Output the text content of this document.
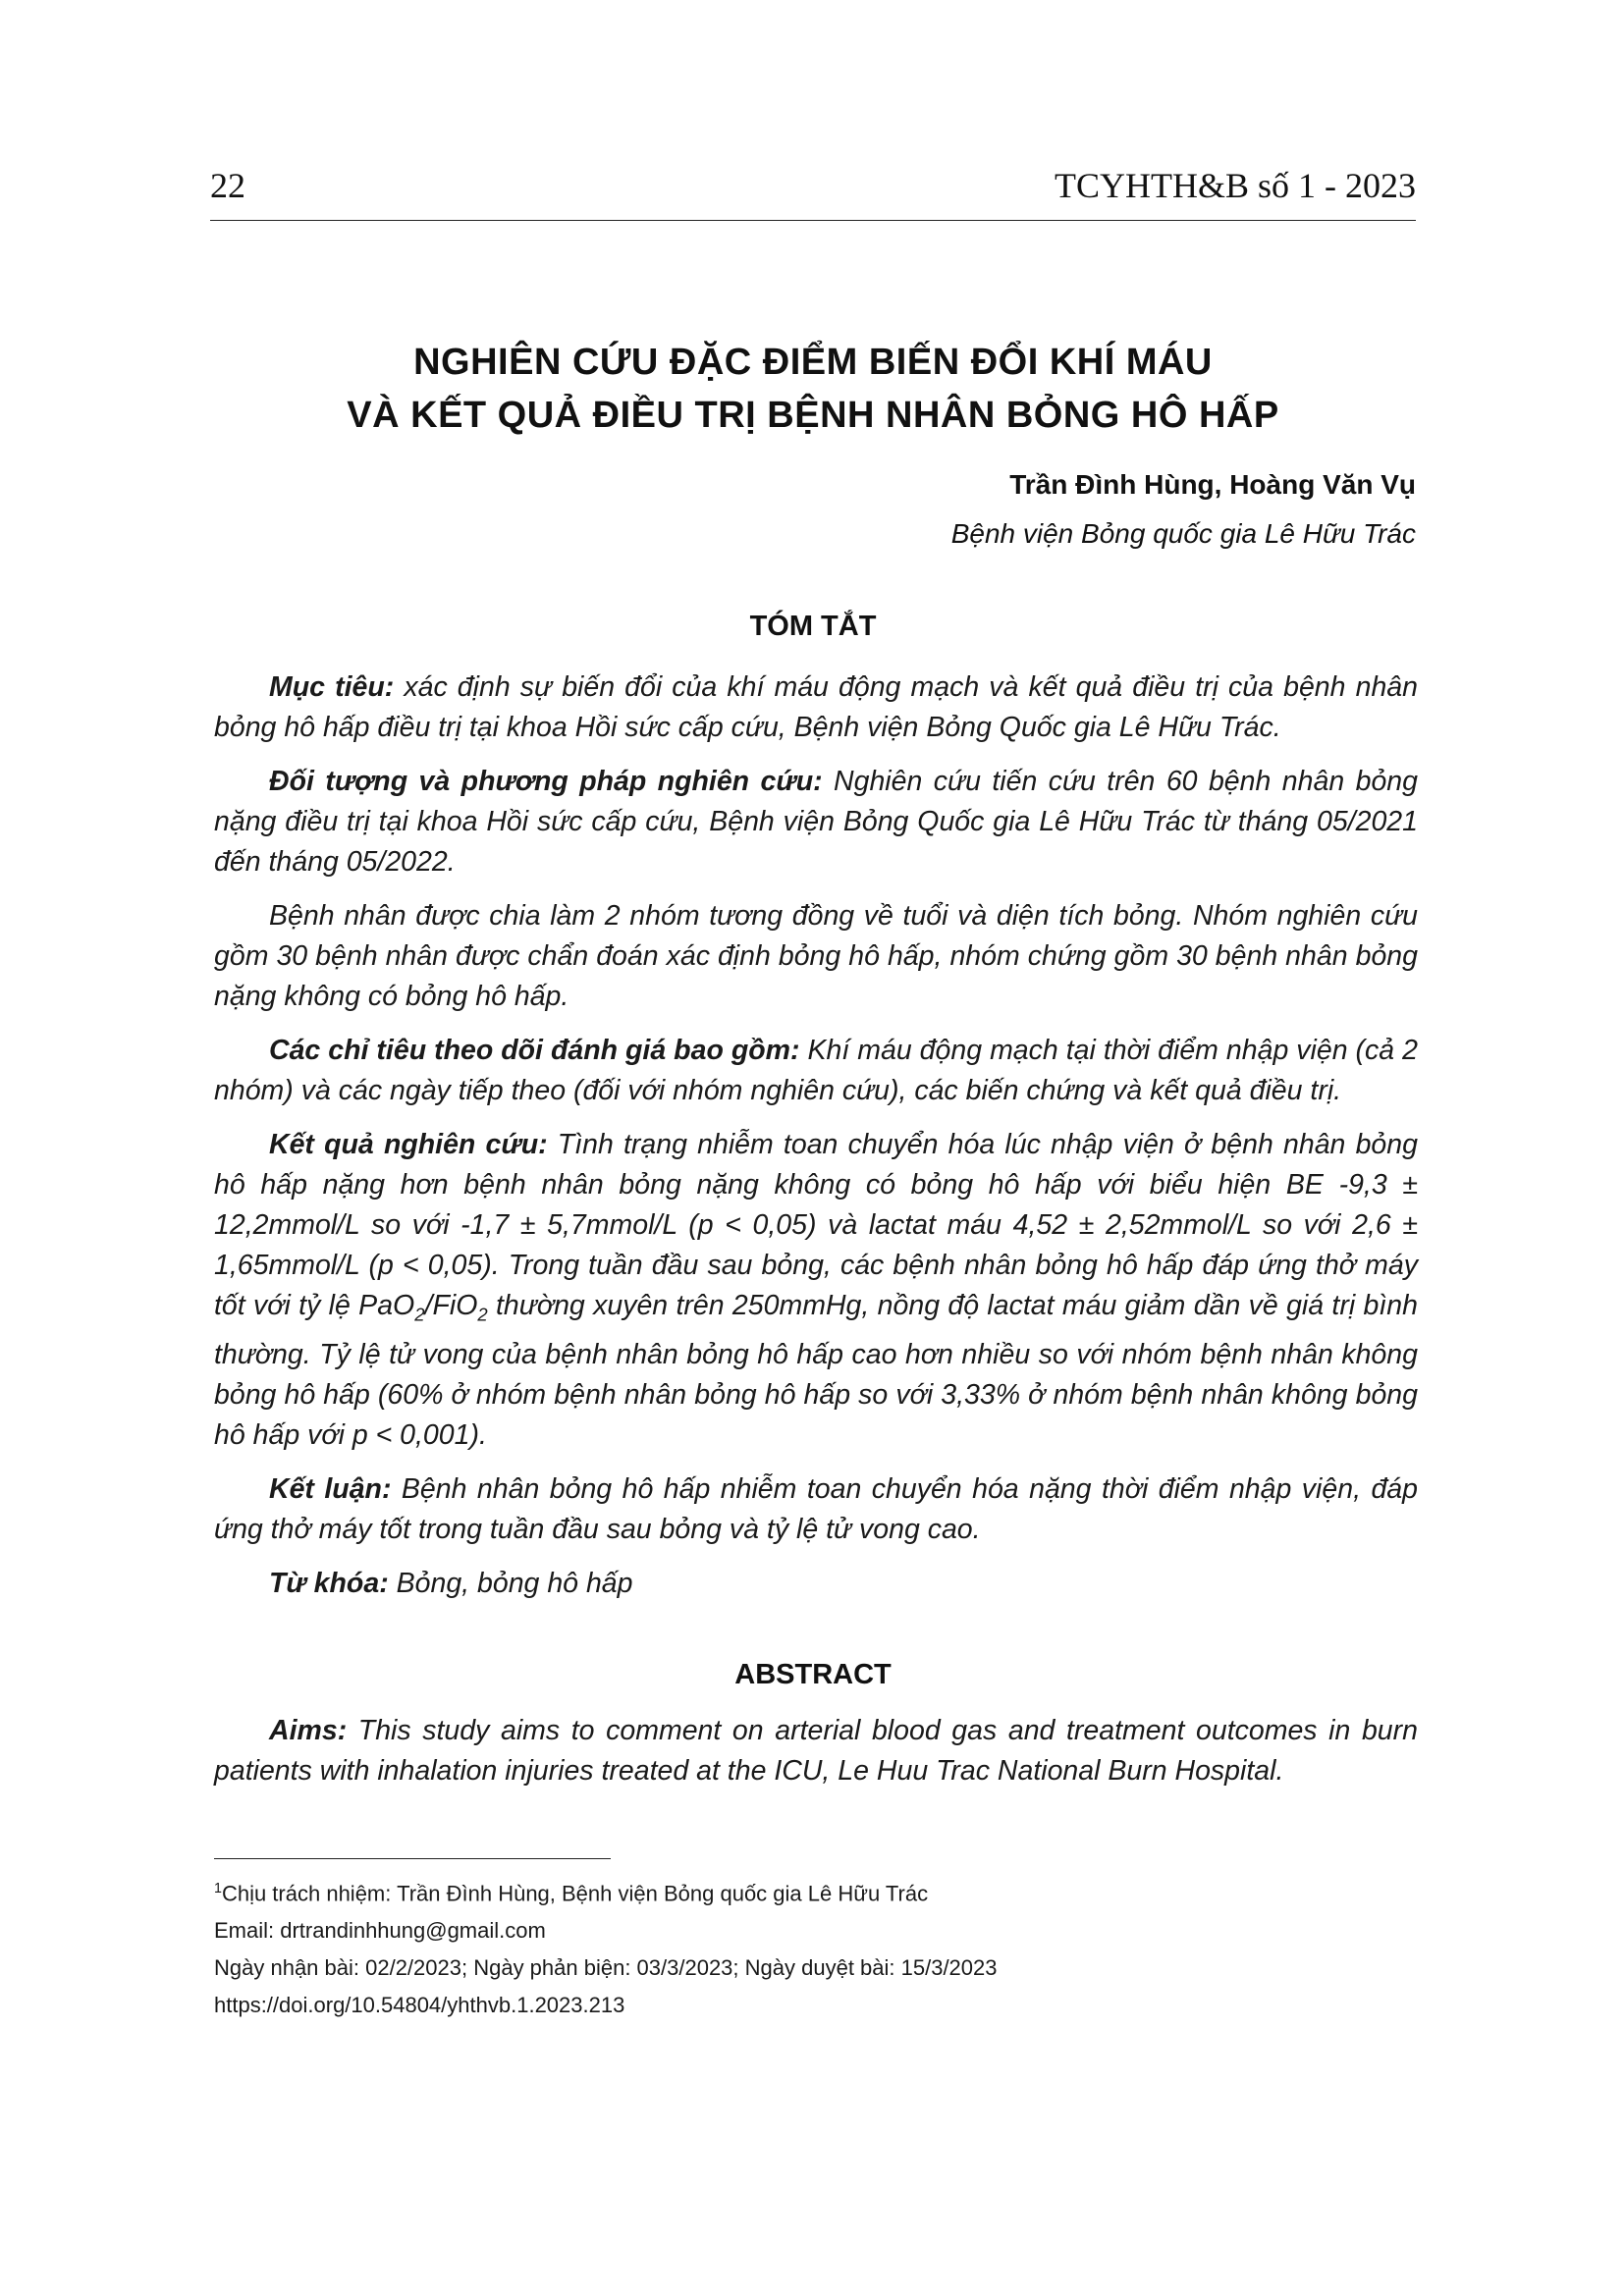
22	TCYHTH&B số 1 - 2023
NGHIÊN CỨU ĐẶC ĐIỂM BIẾN ĐỔI KHÍ MÁU
VÀ KẾT QUẢ ĐIỀU TRỊ BỆNH NHÂN BỎNG HÔ HẤP
Trần Đình Hùng, Hoàng Văn Vụ
Bệnh viện Bỏng quốc gia Lê Hữu Trác
TÓM TẮT

Mục tiêu: xác định sự biến đổi của khí máu động mạch và kết quả điều trị của bệnh nhân bỏng hô hấp điều trị tại khoa Hồi sức cấp cứu, Bệnh viện Bỏng Quốc gia Lê Hữu Trác.

Đối tượng và phương pháp nghiên cứu: Nghiên cứu tiến cứu trên 60 bệnh nhân bỏng nặng điều trị tại khoa Hồi sức cấp cứu, Bệnh viện Bỏng Quốc gia Lê Hữu Trác từ tháng 05/2021 đến tháng 05/2022.

Bệnh nhân được chia làm 2 nhóm tương đồng về tuổi và diện tích bỏng. Nhóm nghiên cứu gồm 30 bệnh nhân được chẩn đoán xác định bỏng hô hấp, nhóm chứng gồm 30 bệnh nhân bỏng nặng không có bỏng hô hấp.

Các chỉ tiêu theo dõi đánh giá bao gồm: Khí máu động mạch tại thời điểm nhập viện (cả 2 nhóm) và các ngày tiếp theo (đối với nhóm nghiên cứu), các biến chứng và kết quả điều trị.

Kết quả nghiên cứu: Tình trạng nhiễm toan chuyển hóa lúc nhập viện ở bệnh nhân bỏng hô hấp nặng hơn bệnh nhân bỏng nặng không có bỏng hô hấp với biểu hiện BE -9,3 ± 12,2mmol/L so với -1,7 ± 5,7mmol/L (p < 0,05) và lactat máu 4,52 ± 2,52mmol/L so với 2,6 ± 1,65mmol/L (p < 0,05). Trong tuần đầu sau bỏng, các bệnh nhân bỏng hô hấp đáp ứng thở máy tốt với tỷ lệ PaO$_2$/FiO$_2$ thường xuyên trên 250mmHg, nồng độ lactat máu giảm dần về giá trị bình thường. Tỷ lệ tử vong của bệnh nhân bỏng hô hấp cao hơn nhiều so với nhóm bệnh nhân không bỏng hô hấp (60% ở nhóm bệnh nhân bỏng hô hấp so với 3,33% ở nhóm bệnh nhân không bỏng hô hấp với p < 0,001).

Kết luận: Bệnh nhân bỏng hô hấp nhiễm toan chuyển hóa nặng thời điểm nhập viện, đáp ứng thở máy tốt trong tuần đầu sau bỏng và tỷ lệ tử vong cao.

Từ khóa: Bỏng, bỏng hô hấp

ABSTRACT

Aims: This study aims to comment on arterial blood gas and treatment outcomes in burn patients with inhalation injuries treated at the ICU, Le Huu Trac National Burn Hospital.

$^1$Chịu trách nhiệm: Trần Đình Hùng, Bệnh viện Bỏng quốc gia Lê Hữu Trác
Email: drtrandinhhung@gmail.com
Ngày nhận bài: 02/2/2023; Ngày phản biện: 03/3/2023; Ngày duyệt bài: 15/3/2023
https://doi.org/10.54804/yhthvb.1.2023.213
